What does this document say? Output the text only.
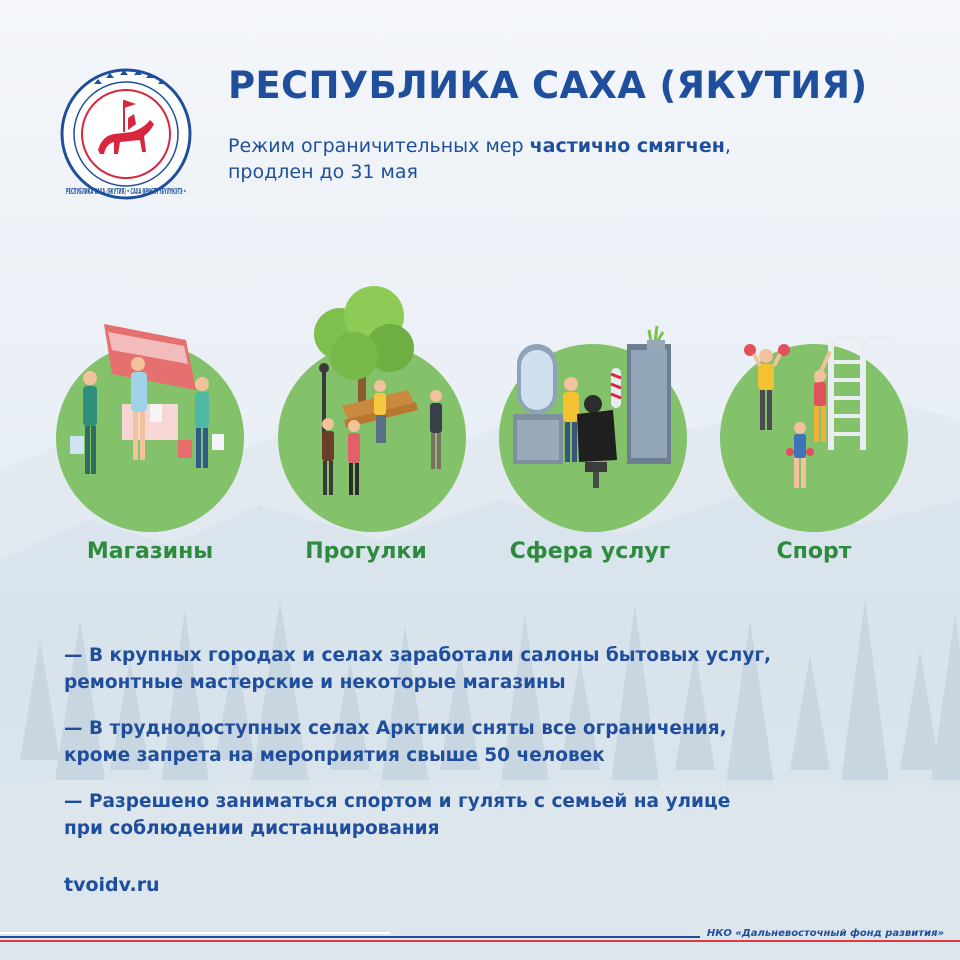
РЕСПУБЛИКА САХА (ЯКУТИЯ) • САХА ӨРӨСПҮҮБҮЛҮКЭТЭ •
РЕСПУБЛИКА САХА (ЯКУТИЯ)
Режим ограничительных мер частично смягчен,
продлен до 31 мая
Магазины	Прогулки	Сфера услуг	Спорт
— В крупных городах и селах заработали салоны бытовых услуг,
ремонтные мастерские и некоторые магазины
— В труднодоступных селах Арктики сняты все ограничения,
кроме запрета на мероприятия свыше 50 человек
— Разрешено заниматься спортом и гулять с семьей на улице
при соблюдении дистанцирования
tvoidv.ru
НКО «Дальневосточный фонд развития»
